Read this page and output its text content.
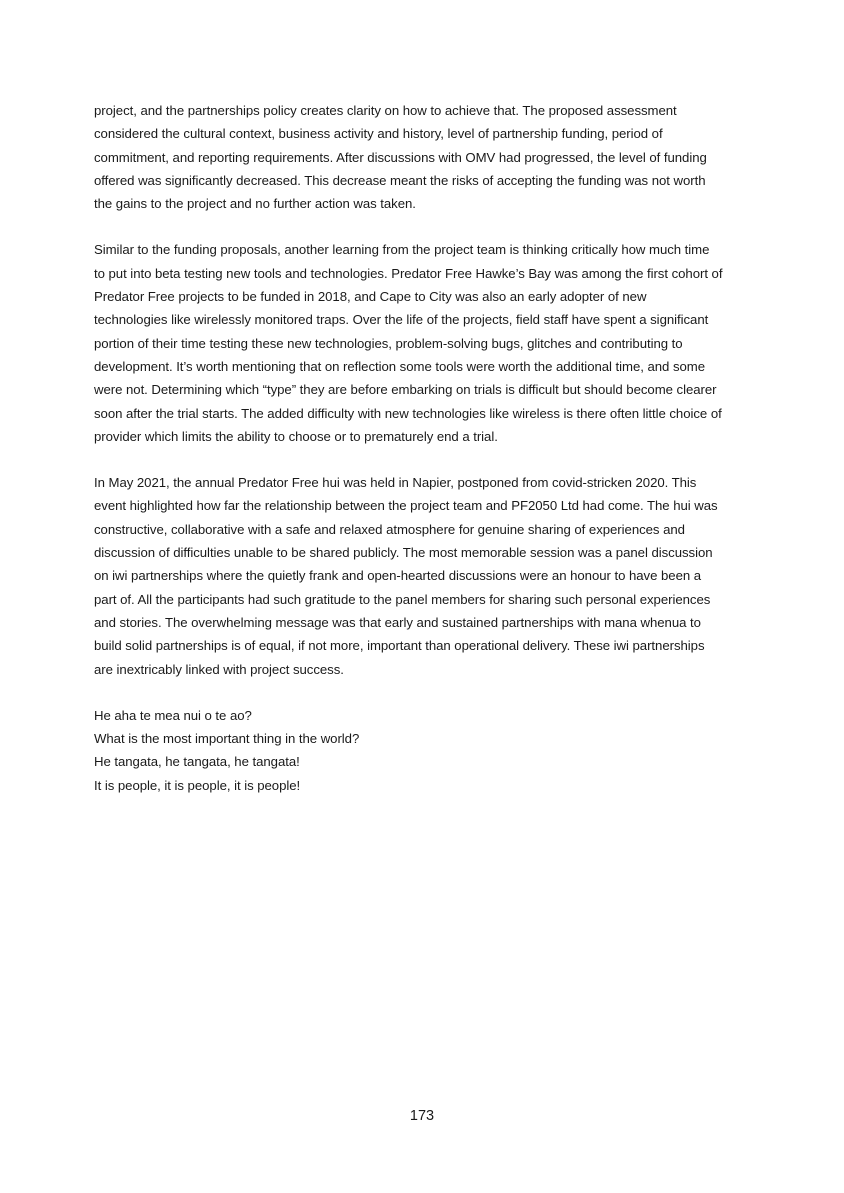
project, and the partnerships policy creates clarity on how to achieve that. The proposed assessment
considered the cultural context, business activity and history, level of partnership funding, period of
commitment, and reporting requirements. After discussions with OMV had progressed, the level of funding
offered was significantly decreased. This decrease meant the risks of accepting the funding was not worth
the gains to the project and no further action was taken.

Similar to the funding proposals, another learning from the project team is thinking critically how much time
to put into beta testing new tools and technologies. Predator Free Hawke’s Bay was among the first cohort of
Predator Free projects to be funded in 2018, and Cape to City was also an early adopter of new
technologies like wirelessly monitored traps. Over the life of the projects, field staff have spent a significant
portion of their time testing these new technologies, problem-solving bugs, glitches and contributing to
development. It’s worth mentioning that on reflection some tools were worth the additional time, and some
were not. Determining which “type” they are before embarking on trials is difficult but should become clearer
soon after the trial starts. The added difficulty with new technologies like wireless is there often little choice of
provider which limits the ability to choose or to prematurely end a trial.

In May 2021, the annual Predator Free hui was held in Napier, postponed from covid-stricken 2020. This
event highlighted how far the relationship between the project team and PF2050 Ltd had come. The hui was
constructive, collaborative with a safe and relaxed atmosphere for genuine sharing of experiences and
discussion of difficulties unable to be shared publicly. The most memorable session was a panel discussion
on iwi partnerships where the quietly frank and open-hearted discussions were an honour to have been a
part of. All the participants had such gratitude to the panel members for sharing such personal experiences
and stories. The overwhelming message was that early and sustained partnerships with mana whenua to
build solid partnerships is of equal, if not more, important than operational delivery. These iwi partnerships
are inextricably linked with project success.

He aha te mea nui o te ao?
What is the most important thing in the world?
He tangata, he tangata, he tangata!
It is people, it is people, it is people!

173
